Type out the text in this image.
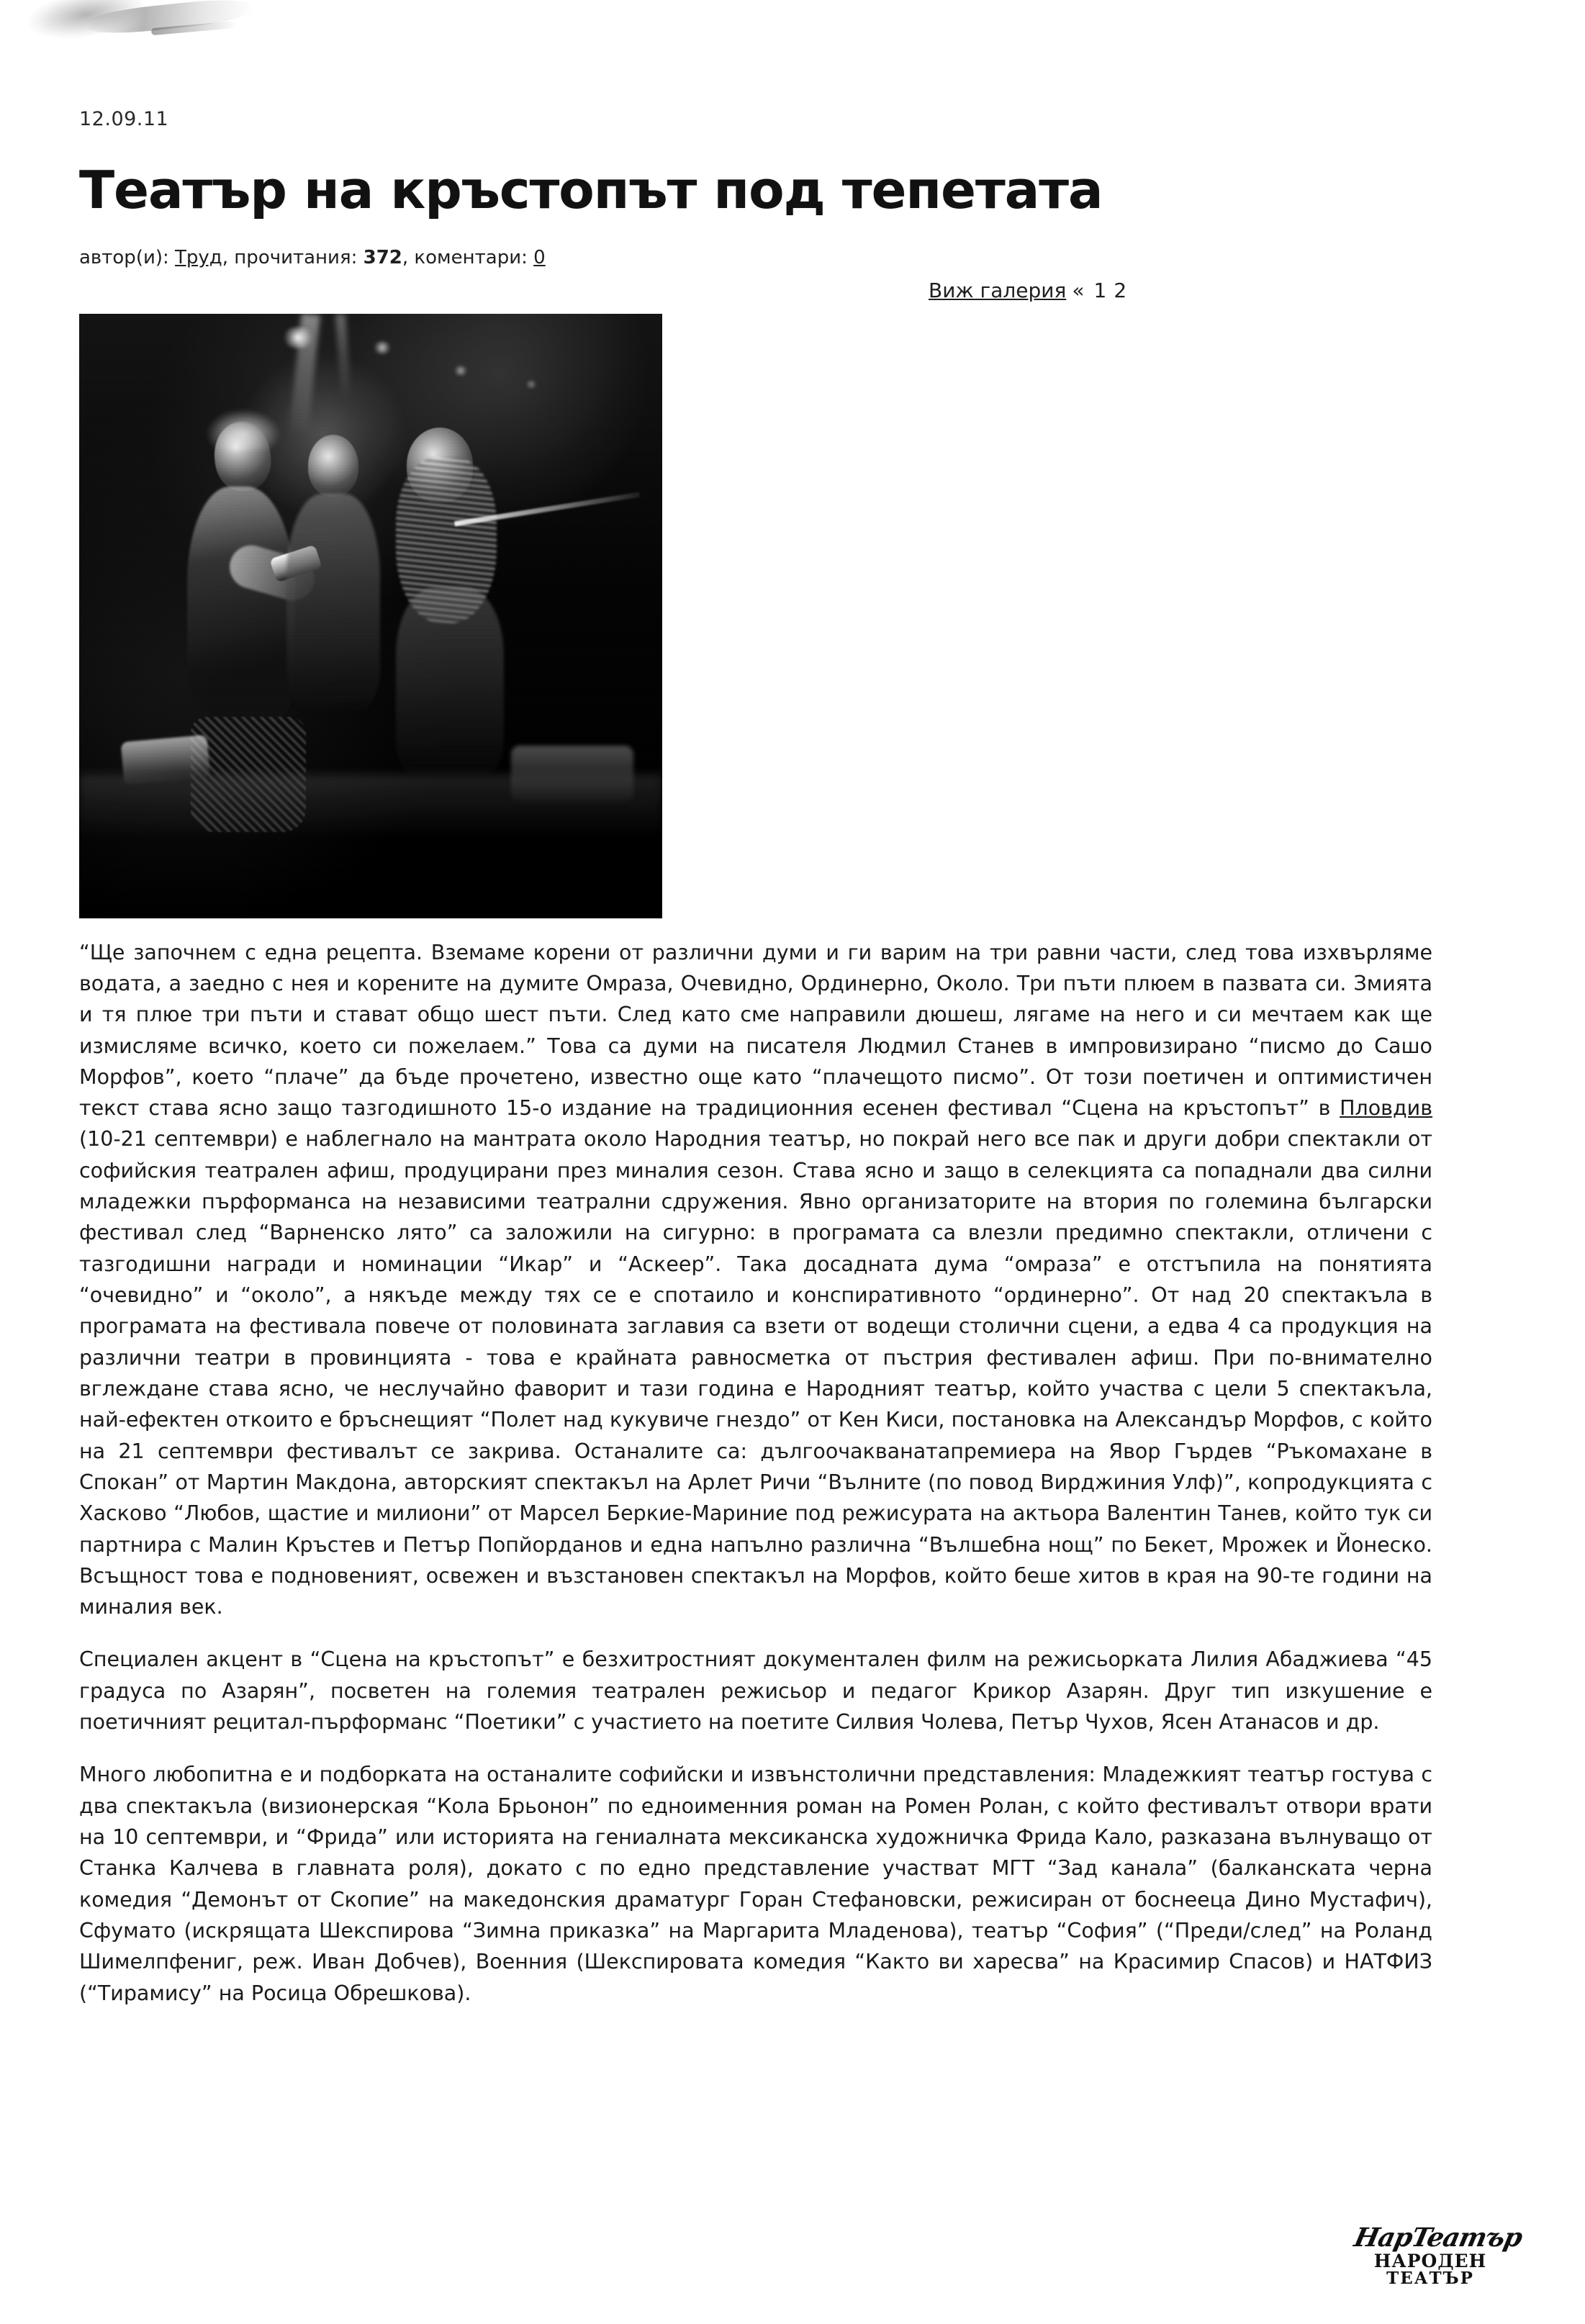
12.09.11
Театър на кръстопът под тепетата
автор(и): Труд, прочитания: 372, коментари: 0
Виж галерия « 1 2

“Ще започнем с една рецепта. Вземаме корени от различни думи и ги варим на три равни части, след това изхвърляме водата, а заедно с нея и корените на думите Омраза, Очевидно, Ординерно, Около. Три пъти плюем в пазвата си. Змията и тя плюе три пъти и стават общо шест пъти. След като сме направили дюшеш, лягаме на него и си мечтаем как ще измисляме всичко, което си пожелаем.” Това са думи на писателя Людмил Станев в импровизирано “писмо до Сашо Морфов”, което “плаче” да бъде прочетено, известно още като “плачещото писмо”. От този поетичен и оптимистичен текст става ясно защо тазгодишното 15-о издание на традиционния есенен фестивал “Сцена на кръстопът” в Пловдив (10-21 септември) е наблегнало на мантрата около Народния театър, но покрай него все пак и други добри спектакли от софийския театрален афиш, продуцирани през миналия сезон. Става ясно и защо в селекцията са попаднали два силни младежки пърформанса на независими театрални сдружения. Явно организаторите на втория по големина български фестивал след “Варненско лято” са заложили на сигурно: в програмата са влезли предимно спектакли, отличени с тазгодишни награди и номинации “Икар” и “Аскеер”. Така досадната дума “омраза” е отстъпила на понятията “очевидно” и “около”, а някъде между тях се е спотаило и конспиративното “ординерно”. От над 20 спектакъла в програмата на фестивала повече от половината заглавия са взети от водещи столични сцени, а едва 4 са продукция на различни театри в провинцията - това е крайната равносметка от пъстрия фестивален афиш. При по-внимателно вглеждане става ясно, че неслучайно фаворит и тази година е Народният театър, който участва с цели 5 спектакъла, най-ефектен откоито е бръснещият “Полет над кукувиче гнездо” от Кен Киси, постановка на Александър Морфов, с който на 21 септември фестивалът се закрива. Останалите са: дългоочакванатапремиера на Явор Гърдев “Ръкомахане в Спокан” от Мартин Макдона, авторският спектакъл на Арлет Ричи “Вълните (по повод Вирджиния Улф)”, копродукцията с Хасково “Любов, щастие и милиони” от Марсел Беркие-Мариние под режисурата на актьора Валентин Танев, който тук си партнира с Малин Кръстев и Петър Попйорданов и една напълно различна “Вълшебна нощ” по Бекет, Мрожек и Йонеско. Всъщност това е подновеният, освежен и възстановен спектакъл на Морфов, който беше хитов в края на 90-те години на миналия век.

Специален акцент в “Сцена на кръстопът” е безхитростният документален филм на режисьорката Лилия Абаджиева “45 градуса по Азарян”, посветен на големия театрален режисьор и педагог Крикор Азарян. Друг тип изкушение е поетичният рецитал-пърформанс “Поетики” с участието на поетите Силвия Чолева, Петър Чухов, Ясен Атанасов и др.

Много любопитна е и подборката на останалите софийски и извънстолични представления: Младежкият театър гостува с два спектакъла (визионерская “Кола Брьонон” по едноименния роман на Ромен Ролан, с който фестивалът отвори врати на 10 септември, и “Фрида” или историята на гениалната мексиканска художничка Фрида Кало, разказана вълнуващо от Станка Калчева в главната роля), докато с по едно представление участват МГТ “Зад канала” (балканската черна комедия “Демонът от Скопие” на македонския драматург Горан Стефановски, режисиран от боснееца Дино Мустафич), Сфумато (искрящата Шекспирова “Зимна приказка” на Маргарита Младенова), театър “София” (“Преди/след” на Роланд Шимелпфениг, реж. Иван Добчев), Военния (Шекспировата комедия “Както ви харесва” на Красимир Спасов) и НАТФИЗ (“Тирамису” на Росица Обрешкова).

НарTeaтър
НАРОДЕН
ТЕАТЪР
